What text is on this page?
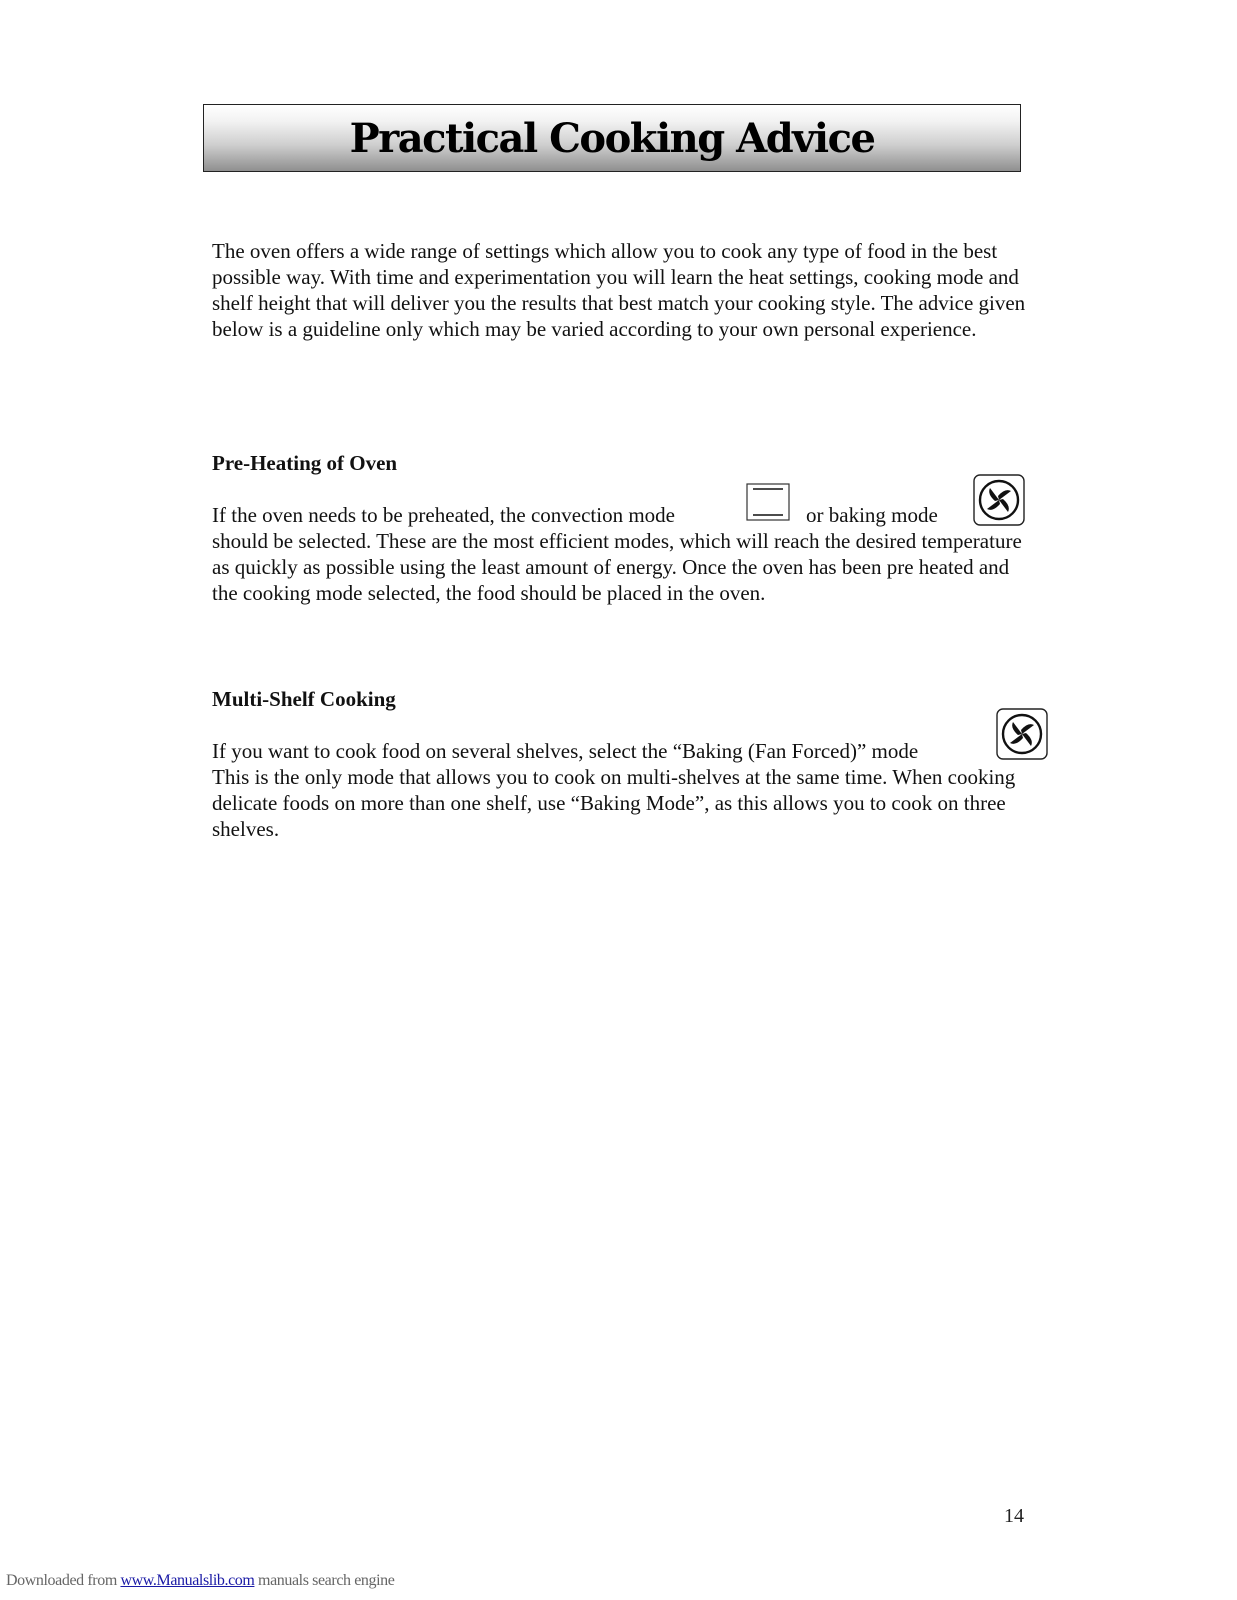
Practical Cooking Advice
The oven offers a wide range of settings which allow you to cook any type of food in the best possible way. With time and experimentation you will learn the heat settings, cooking mode and shelf height that will deliver you the results that best match your cooking style. The advice given below is a guideline only which may be varied according to your own personal experience.
Pre-Heating of Oven
If the oven needs to be preheated, the convection mode	or baking mode
should be selected. These are the most efficient modes, which will reach the desired temperature as quickly as possible using the least amount of energy. Once the oven has been pre heated and the cooking mode selected, the food should be placed in the oven.
Multi-Shelf Cooking
If you want to cook food on several shelves, select the “Baking (Fan Forced)” mode
This is the only mode that allows you to cook on multi-shelves at the same time. When cooking delicate foods on more than one shelf, use “Baking Mode”, as this allows you to cook on three shelves.
14
Downloaded from www.Manualslib.com manuals search engine
